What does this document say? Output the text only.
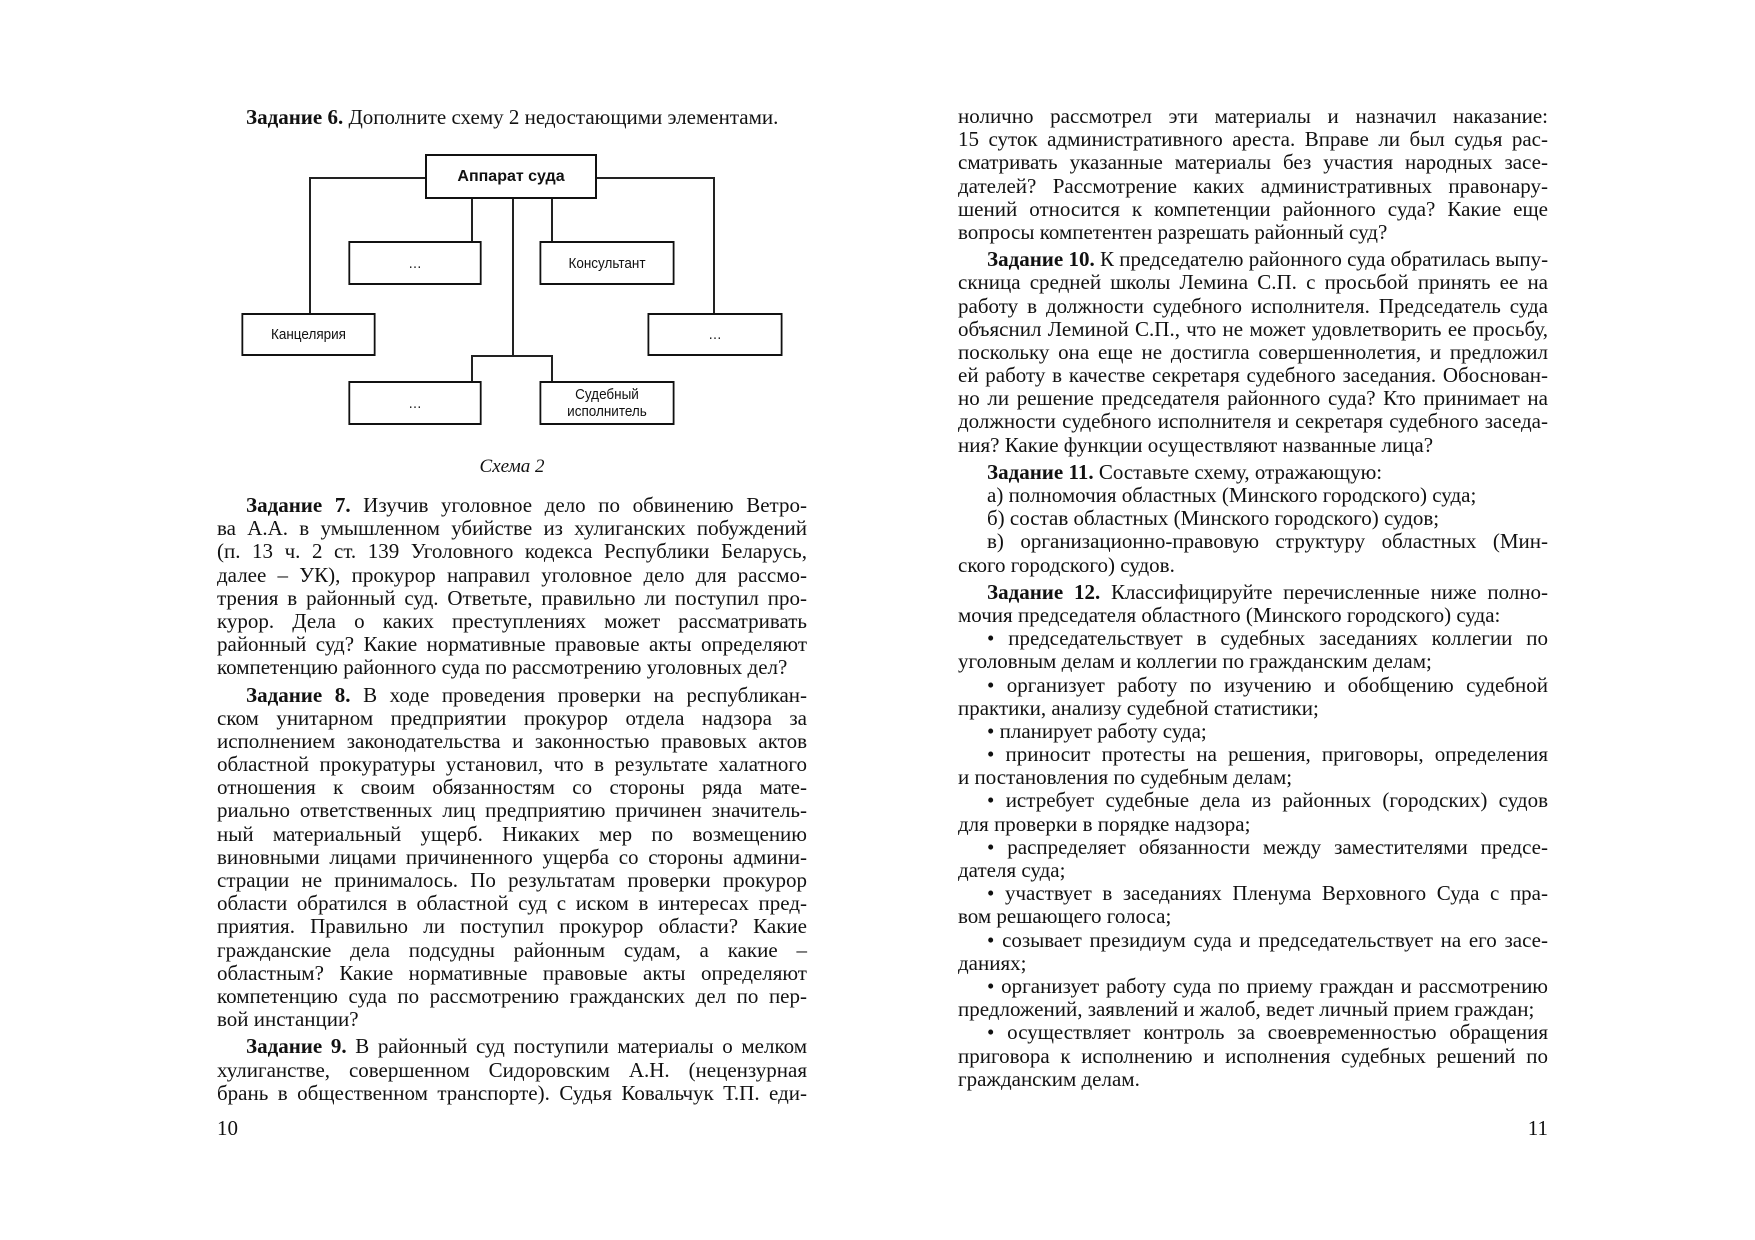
Задание 6. Дополните схему 2 недостающими элементами.
Аппарат суда
…	Консультант
Канцелярия	…
…	Судебный
исполнитель
Схема 2
Задание 7. Изучив уголовное дело по обвинению Ветро-
ва А.А. в умышленном убийстве из хулиганских побуждений
(п. 13 ч. 2 ст. 139 Уголовного кодекса Республики Беларусь,
далее – УК), прокурор направил уголовное дело для рассмо-
трения в районный суд. Ответьте, правильно ли поступил про-
курор. Дела о каких преступлениях может рассматривать
районный суд? Какие нормативные правовые акты определяют
компетенцию районного суда по рассмотрению уголовных дел?
Задание 8. В ходе проведения проверки на республикан-
ском унитарном предприятии прокурор отдела надзора за
исполнением законодательства и законностью правовых актов
областной прокуратуры установил, что в результате халатного
отношения к своим обязанностям со стороны ряда мате-
риально ответственных лиц предприятию причинен значитель-
ный материальный ущерб. Никаких мер по возмещению
виновными лицами причиненного ущерба со стороны админи-
страции не принималось. По результатам проверки прокурор
области обратился в областной суд с иском в интересах пред-
приятия. Правильно ли поступил прокурор области? Какие
гражданские дела подсудны районным судам, а какие –
областным? Какие нормативные правовые акты определяют
компетенцию суда по рассмотрению гражданских дел по пер-
вой инстанции?
Задание 9. В районный суд поступили материалы о мелком
хулиганстве, совершенном Сидоровским А.Н. (нецензурная
брань в общественном транспорте). Судья Ковальчук Т.П. еди-
нолично рассмотрел эти материалы и назначил наказание:
15 суток административного ареста. Вправе ли был судья рас-
сматривать указанные материалы без участия народных засе-
дателей? Рассмотрение каких административных правонару-
шений относится к компетенции районного суда? Какие еще
вопросы компетентен разрешать районный суд?
Задание 10. К председателю районного суда обратилась выпу-
скница средней школы Лемина С.П. с просьбой принять ее на
работу в должности судебного исполнителя. Председатель суда
объяснил Леминой С.П., что не может удовлетворить ее просьбу,
поскольку она еще не достигла совершеннолетия, и предложил
ей работу в качестве секретаря судебного заседания. Обоснован-
но ли решение председателя районного суда? Кто принимает на
должности судебного исполнителя и секретаря судебного заседа-
ния? Какие функции осуществляют названные лица?
Задание 11. Составьте схему, отражающую:
а) полномочия областных (Минского городского) суда;
б) состав областных (Минского городского) судов;
в) организационно-правовую структуру областных (Мин-
ского городского) судов.
Задание 12. Классифицируйте перечисленные ниже полно-
мочия председателя областного (Минского городского) суда:
• председательствует в судебных заседаниях коллегии по
уголовным делам и коллегии по гражданским делам;
• организует работу по изучению и обобщению судебной
практики, анализу судебной статистики;
• планирует работу суда;
• приносит протесты на решения, приговоры, определения
и постановления по судебным делам;
• истребует судебные дела из районных (городских) судов
для проверки в порядке надзора;
• распределяет обязанности между заместителями предсе-
дателя суда;
• участвует в заседаниях Пленума Верховного Суда с пра-
вом решающего голоса;
• созывает президиум суда и председательствует на его засе-
даниях;
• организует работу суда по приему граждан и рассмотрению
предложений, заявлений и жалоб, ведет личный прием граждан;
• осуществляет контроль за своевременностью обращения
приговора к исполнению и исполнения судебных решений по
гражданским делам.
10	11
